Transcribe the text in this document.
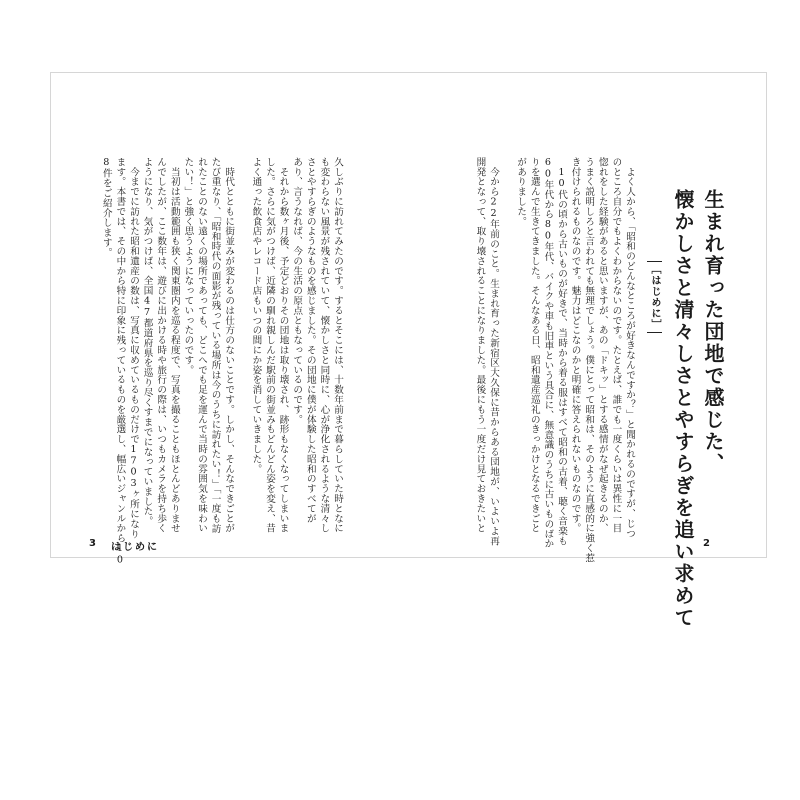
［はじめに］ 生まれ育った団地で感じた、
懐かしさと清々しさとやすらぎを追い求めて
　よく人から、「昭和のどんなところが好きなんですか？」と聞かれるのですが、じつ
のところ自分でもよくわからないのです。たとえば、誰でも一度くらいは異性に一目
惚れをした経験があると思いますが、あの「ドキッ」とする感情がなぜ起きるのか、
うまく説明しろと言われても無理でしょう。僕にとって昭和は、そのように直感的に強く惹
き付けられるものなのです。魅力はどこなのかと明確に答えられないものなのです。
　10代の頃から古いものが好きで、当時から着る服はすべて昭和の古着、聴く音楽も
60年代から80年代、バイクや車も旧車という具合に、無意識のうちに古いものばか
りを選んで生きてきました。そんなある日、昭和遺産巡礼のきっかけとなるできごと
がありました。
　今から22年前のこと。生まれ育った新宿区大久保に昔からある団地が、いよいよ再
開発となって、取り壊されることになりました。最後にもう一度だけ見ておきたいと
2
久しぶりに訪れてみたのです。するとそこには、十数年前まで暮らしていた時となに
も変わらない風景が残されていて、懐かしさと同時に、心が浄化されるような清々し
さとやすらぎのようなものを感じました。その団地に僕が体験した昭和のすべてが
あり、言うなれば、今の生活の原点ともなっているのです。
　それから数ヶ月後、予定どおりその団地は取り壊され、跡形もなくなってしまいま
した。さらに気がつけば、近隣の馴れ親しんだ駅前の街並みもどんどん姿を変え、昔
よく通った飲食店やレコード店もいつの間にか姿を消していきました。
　時代とともに街並みが変わるのは仕方のないことです。しかし、そんなできごとが
たび重なり、「昭和時代の面影が残っている場所は今のうちに訪れたい！」「一度も訪
れたことのない遠くの場所であっても、どこへでも足を運んで当時の雰囲気を味わい
たい！」と強く思うようになっていったのです。
　当初は活動範囲も狭く関東圏内を巡る程度で、写真を撮ることもほとんどありませ
んでしたが、ここ数年は、遊びに出かける時や旅行の際は、いつもカメラを持ち歩く
ようになり、気がつけば、全国47都道府県を巡り尽くすまでになっていました。
　今までに訪れた昭和遺産の数は、写真に収めているものだけで1703ヶ所になり
ます。本書では、その中から特に印象に残っているものを厳選し、幅広いジャンルから10
8件をご紹介します。
3 はじめに
